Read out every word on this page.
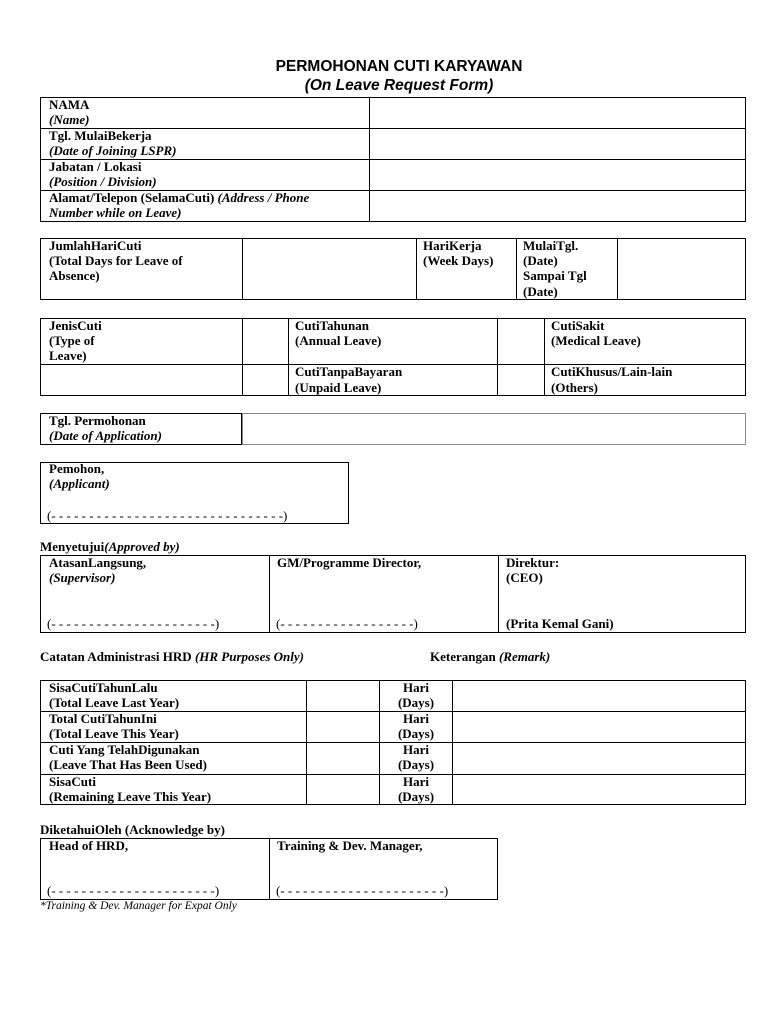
PERMOHONAN CUTI KARYAWAN
(On Leave Request Form)
NAMA
(Name)
Tgl. MulaiBekerja
(Date of Joining LSPR)
Jabatan / Lokasi
(Position / Division)
Alamat/Telepon (SelamaCuti) (Address / Phone
Number while on Leave)
JumlahHariCuti
(Total Days for Leave of
Absence)
HariKerja
(Week Days)
MulaiTgl.
(Date)
Sampai Tgl
(Date)
JenisCuti
(Type of
Leave)
CutiTahunan
(Annual Leave)
CutiSakit
(Medical Leave)
CutiTanpaBayaran
(Unpaid Leave)
CutiKhusus/Lain-lain
(Others)
Tgl. Permohonan
(Date of Application)
Pemohon,
(Applicant)
(- - - - - - - - - - - - - - - - - - - - - - - - - - - - - - -)
Menyetujui(Approved by)
AtasanLangsung,
(Supervisor)
(- - - - - - - - - - - - - - - - - - - - - -)
GM/Programme Director,
(- - - - - - - - - - - - - - - - - -)
Direktur:
(CEO)
(Prita Kemal Gani)
Catatan Administrasi HRD (HR Purposes Only)	Keterangan (Remark)
SisaCutiTahunLalu
(Total Leave Last Year)
Hari
(Days)
Total CutiTahunIni
(Total Leave This Year)
Hari
(Days)
Cuti Yang TelahDigunakan
(Leave That Has Been Used)
Hari
(Days)
SisaCuti
(Remaining Leave This Year)
Hari
(Days)
DiketahuiOleh (Acknowledge by)
Head of HRD,
(- - - - - - - - - - - - - - - - - - - - - -)
Training & Dev. Manager,
(- - - - - - - - - - - - - - - - - - - - - -)
*Training & Dev. Manager for Expat Only
